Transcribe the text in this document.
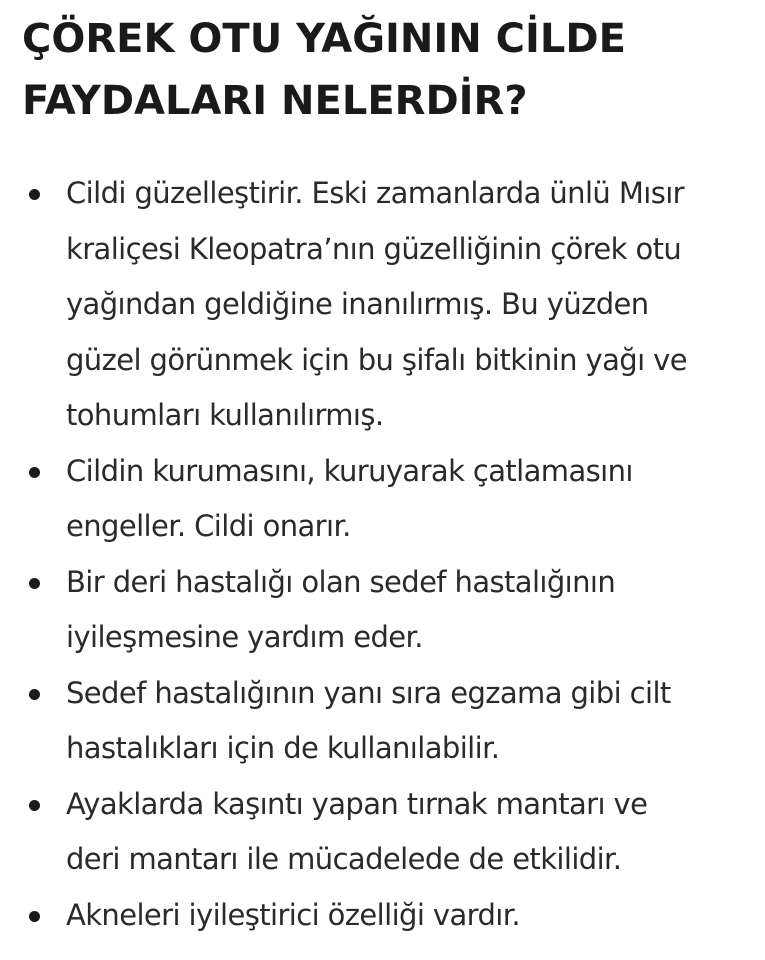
ÇÖREK OTU YAĞININ CİLDE
FAYDALARI NELERDİR?
Cildi güzelleştirir. Eski zamanlarda ünlü Mısır
kraliçesi Kleopatra’nın güzelliğinin çörek otu
yağından geldiğine inanılırmış. Bu yüzden
güzel görünmek için bu şifalı bitkinin yağı ve
tohumları kullanılırmış.
Cildin kurumasını, kuruyarak çatlamasını
engeller. Cildi onarır.
Bir deri hastalığı olan sedef hastalığının
iyileşmesine yardım eder.
Sedef hastalığının yanı sıra egzama gibi cilt
hastalıkları için de kullanılabilir.
Ayaklarda kaşıntı yapan tırnak mantarı ve
deri mantarı ile mücadelede de etkilidir.
Akneleri iyileştirici özelliği vardır.
